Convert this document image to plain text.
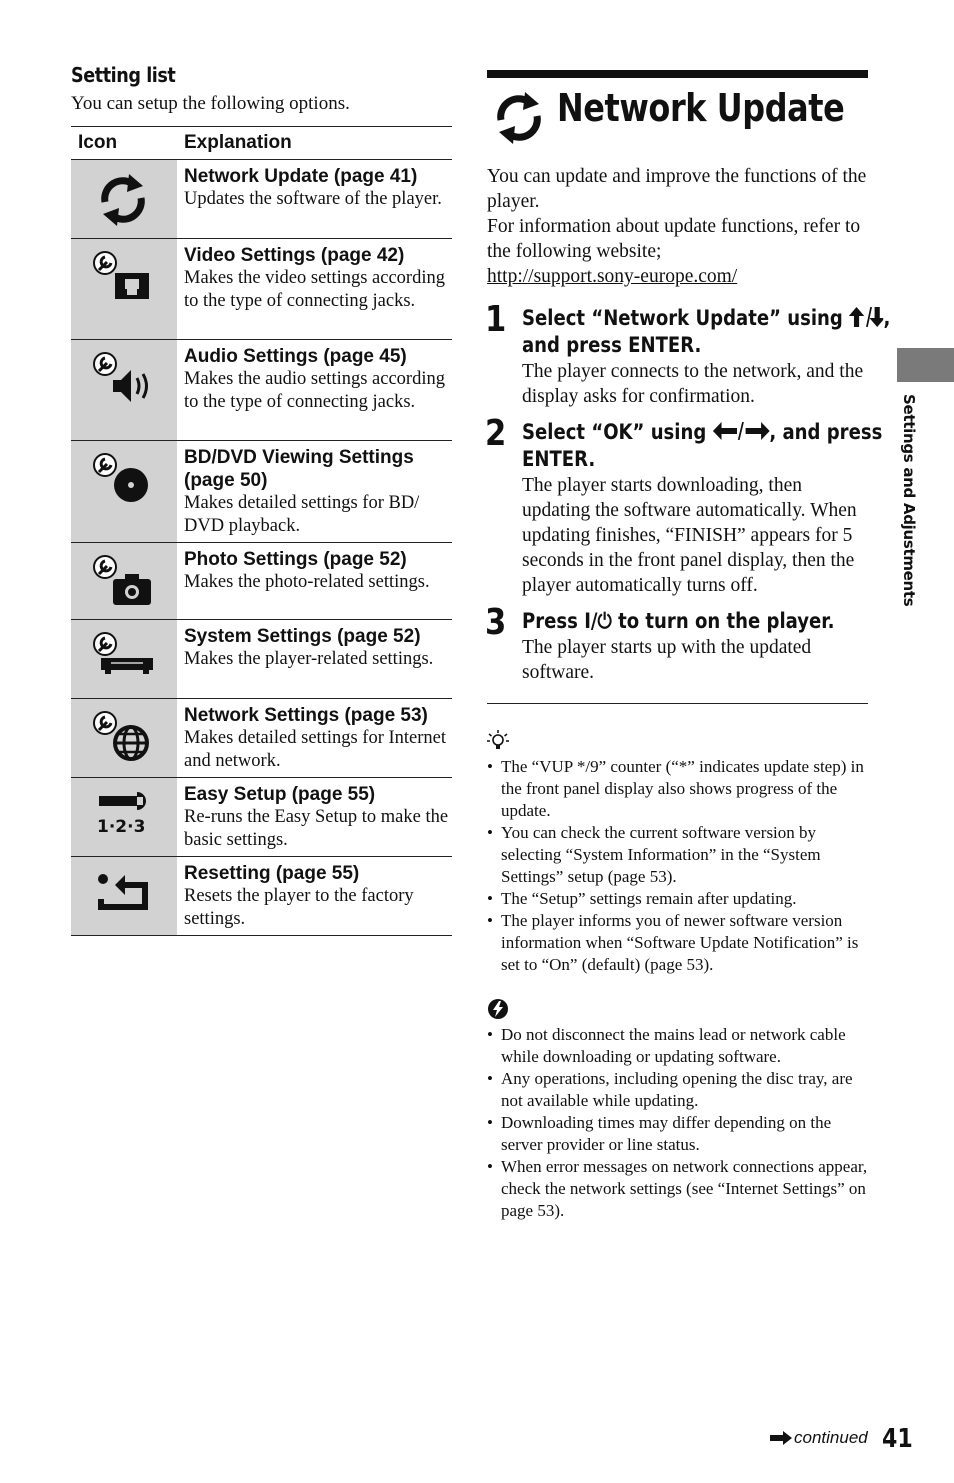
Setting list
You can setup the following options.
Icon	Explanation

Network Update (page 41)
Updates the software of the player.

Video Settings (page 42)
Makes the video settings according to the type of connecting jacks.

Audio Settings (page 45)
Makes the audio settings according to the type of connecting jacks.

BD/DVD Viewing Settings (page 50)
Makes detailed settings for BD/ DVD playback.

Photo Settings (page 52)
Makes the photo-related settings.

System Settings (page 52)
Makes the player-related settings.

Network Settings (page 53)
Makes detailed settings for Internet and network.

1·2·3	Easy Setup (page 55)
Re-runs the Easy Setup to make the basic settings.

Resetting (page 55)
Resets the player to the factory settings.
Network Update

You can update and improve the functions of the player.

For information about update functions, refer to the following website;

http://support.sony-europe.com/

1 Select “Network Update” using ,
and press ENTER.

The player connects to the network, and the display asks for confirmation.

2 Select “OK” using	, and press
ENTER.

The player starts downloading, then updating the software automatically. When updating finishes, “FINISH” appears for 5 seconds in the front panel display, then the player automatically turns off.

3 Press I/⏻ to turn on the player.

The player starts up with the updated software.

• The “VUP */9” counter (“*” indicates update step) in the front panel display also shows progress of the update.
• You can check the current software version by selecting “System Information” in the “System Settings” setup (page 53).
• The “Setup” settings remain after updating.
• The player informs you of newer software version information when “Software Update Notification” is set to “On” (default) (page 53).
• Do not disconnect the mains lead or network cable while downloading or updating software.
• Any operations, including opening the disc tray, are not available while updating.
• Downloading times may differ depending on the server provider or line status.
• When error messages on network connections appear, check the network settings (see “Internet Settings” on page 53).
Settings and Adjustments
continued 41
